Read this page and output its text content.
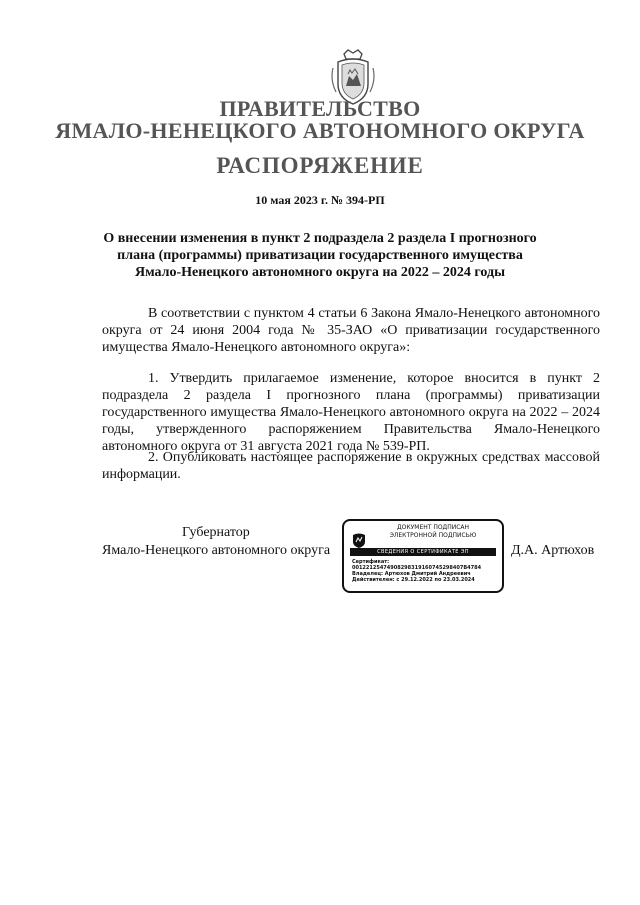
ПРАВИТЕЛЬСТВО
ЯМАЛО-НЕНЕЦКОГО АВТОНОМНОГО ОКРУГА
РАСПОРЯЖЕНИЕ
10 мая 2023 г. № 394-РП
О внесении изменения в пункт 2 подраздела 2 раздела I прогнозного плана (программы) приватизации государственного имущества Ямало-Ненецкого автономного округа на 2022 – 2024 годы

В соответствии с пунктом 4 статьи 6 Закона Ямало-Ненецкого автономного округа от 24 июня 2004 года № 35-ЗАО «О приватизации государственного имущества Ямало-Ненецкого автономного округа»:

1. Утвердить прилагаемое изменение, которое вносится в пункт 2 подраздела 2 раздела I прогнозного плана (программы) приватизации государственного имущества Ямало-Ненецкого автономного округа на 2022 – 2024 годы, утвержденного распоряжением Правительства Ямало-Ненецкого автономного округа от 31 августа 2021 года № 539-РП.

2. Опубликовать настоящее распоряжение в окружных средствах массовой информации.

Губернатор
Ямало-Ненецкого автономного округа
ДОКУМЕНТ ПОДПИСАН
ЭЛЕКТРОННОЙ ПОДПИСЬЮ
СВЕДЕНИЯ О СЕРТИФИКАТЕ ЭП
Сертификат:
00122125474908298319160745298407B4784
Владелец: Артюхов Дмитрий Андреевич
Действителен: с 29.12.2022 по 23.03.2024
Д.А. Артюхов
